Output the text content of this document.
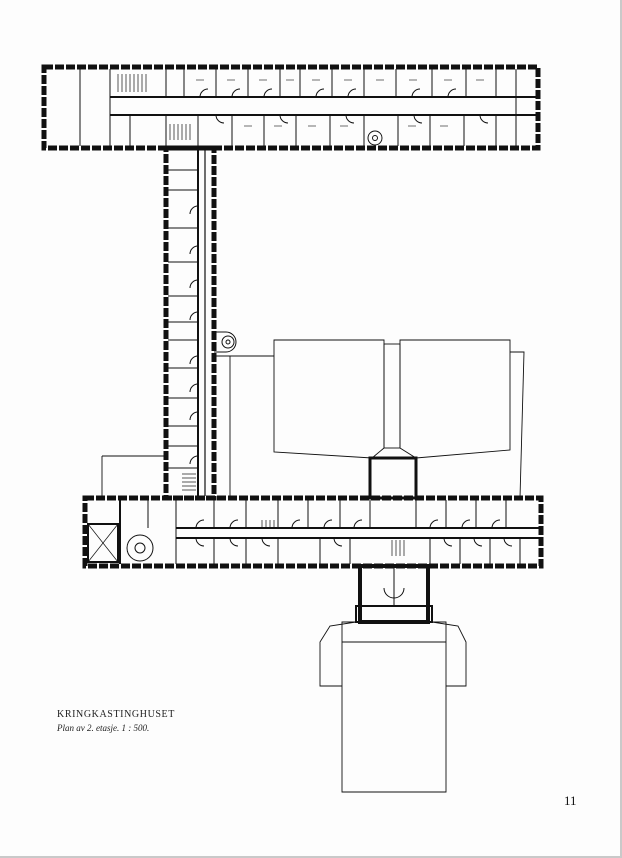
KRINGKASTINGHUSET
Plan av 2. etasje. 1 : 500.
11
